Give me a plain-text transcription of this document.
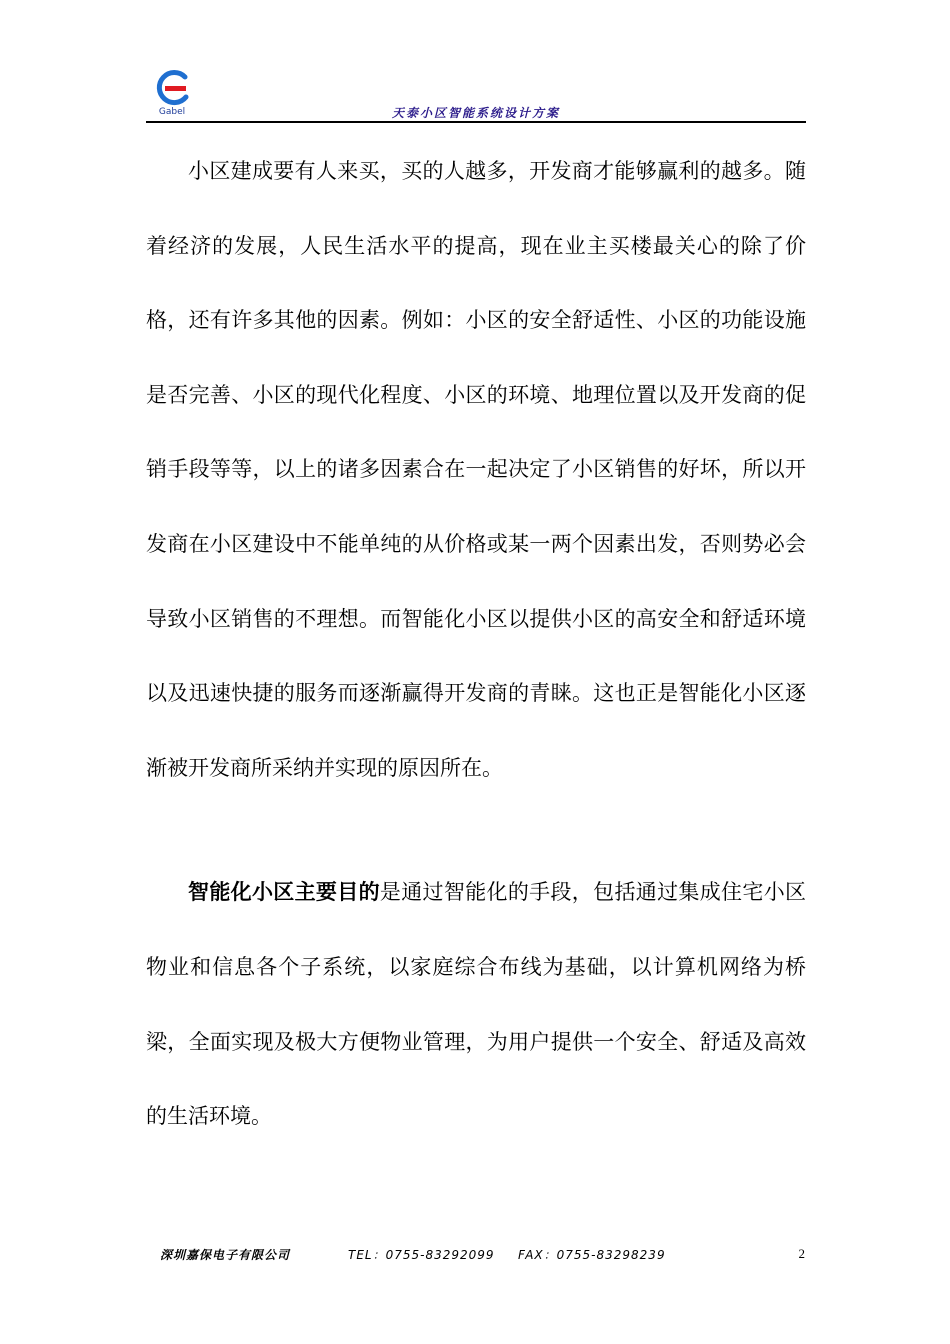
Gabel	天泰小区智能系统设计方案

小区建成要有人来买，买的人越多，开发商才能够赢利的越多。随着经济的发展，人民生活水平的提高，现在业主买楼最关心的除了价格，还有许多其他的因素。例如：小区的安全舒适性、小区的功能设施是否完善、小区的现代化程度、小区的环境、地理位置以及开发商的促销手段等等，以上的诸多因素合在一起决定了小区销售的好坏，所以开发商在小区建设中不能单纯的从价格或某一两个因素出发，否则势必会导致小区销售的不理想。而智能化小区以提供小区的高安全和舒适环境以及迅速快捷的服务而逐渐赢得开发商的青睐。这也正是智能化小区逐渐被开发商所采纳并实现的原因所在。

智能化小区主要目的是通过智能化的手段，包括通过集成住宅小区物业和信息各个子系统，以家庭综合布线为基础，以计算机网络为桥梁，全面实现及极大方便物业管理，为用户提供一个安全、舒适及高效的生活环境。

深圳嘉保电子有限公司	TEL：0755-83292099 FAX：0755-83298239	2
